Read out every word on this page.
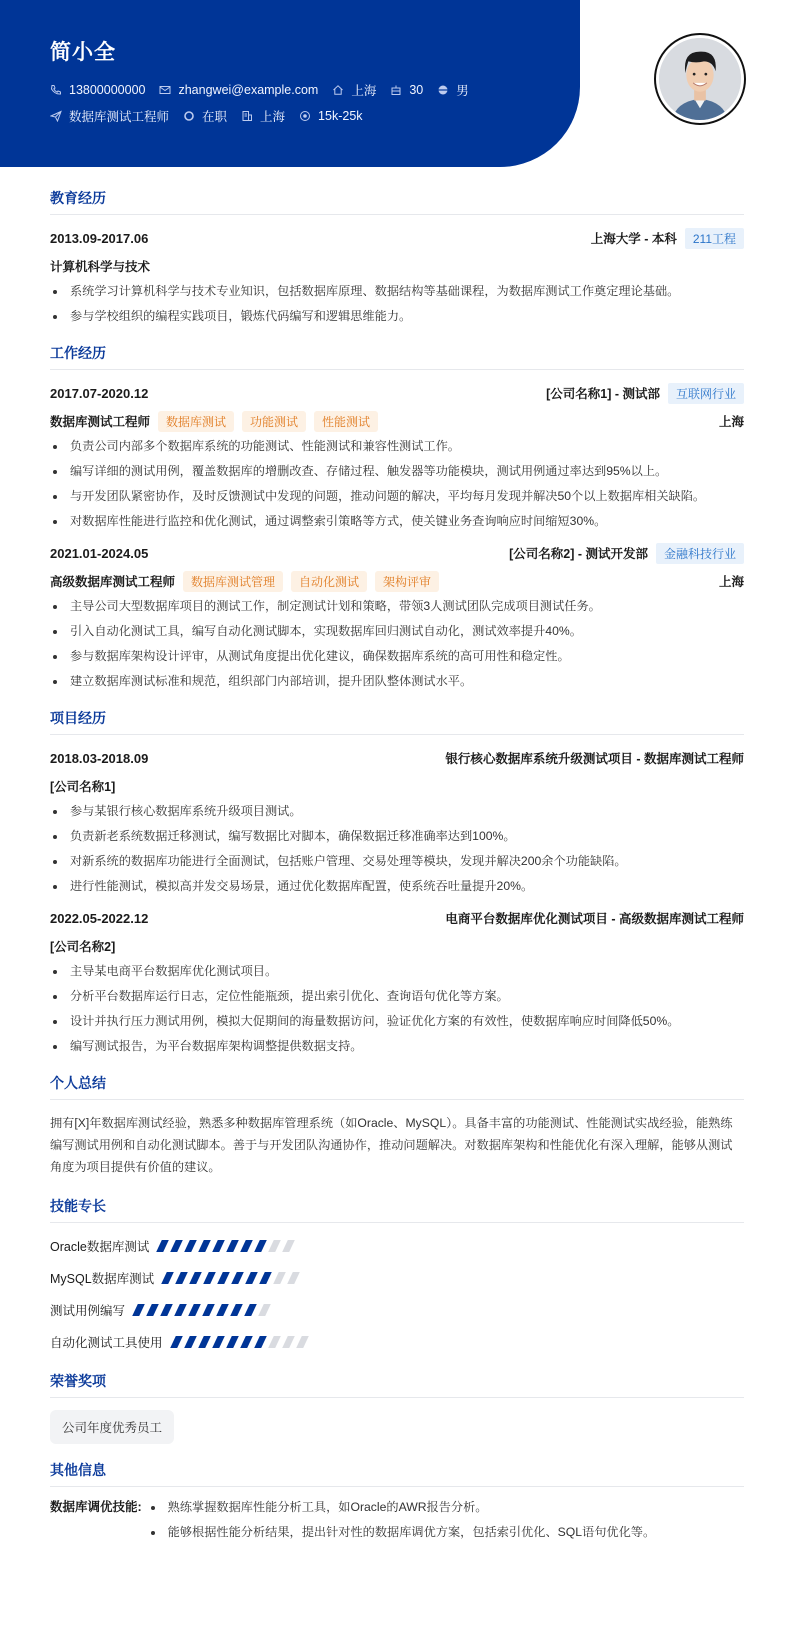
简小全
13800000000	zhangwei@example.com	上海	30	男
数据库测试工程师	在职	上海	15k-25k
教育经历
2013.09-2017.06	上海大学 - 本科	211工程
计算机科学与技术
系统学习计算机科学与技术专业知识，包括数据库原理、数据结构等基础课程，为数据库测试工作奠定理论基础。
参与学校组织的编程实践项目，锻炼代码编写和逻辑思维能力。
工作经历
2017.07-2020.12	[公司名称1] - 测试部	互联网行业
数据库测试工程师	数据库测试	功能测试	性能测试	上海
负责公司内部多个数据库系统的功能测试、性能测试和兼容性测试工作。
编写详细的测试用例，覆盖数据库的增删改查、存储过程、触发器等功能模块，测试用例通过率达到95%以上。
与开发团队紧密协作，及时反馈测试中发现的问题，推动问题的解决，平均每月发现并解决50个以上数据库相关缺陷。
对数据库性能进行监控和优化测试，通过调整索引策略等方式，使关键业务查询响应时间缩短30%。
2021.01-2024.05	[公司名称2] - 测试开发部	金融科技行业
高级数据库测试工程师	数据库测试管理	自动化测试	架构评审	上海
主导公司大型数据库项目的测试工作，制定测试计划和策略，带领3人测试团队完成项目测试任务。
引入自动化测试工具，编写自动化测试脚本，实现数据库回归测试自动化，测试效率提升40%。
参与数据库架构设计评审，从测试角度提出优化建议，确保数据库系统的高可用性和稳定性。
建立数据库测试标准和规范，组织部门内部培训，提升团队整体测试水平。
项目经历
2018.03-2018.09	银行核心数据库系统升级测试项目 - 数据库测试工程师
[公司名称1]
参与某银行核心数据库系统升级项目测试。
负责新老系统数据迁移测试，编写数据比对脚本，确保数据迁移准确率达到100%。
对新系统的数据库功能进行全面测试，包括账户管理、交易处理等模块，发现并解决200余个功能缺陷。
进行性能测试，模拟高并发交易场景，通过优化数据库配置，使系统吞吐量提升20%。
2022.05-2022.12	电商平台数据库优化测试项目 - 高级数据库测试工程师
[公司名称2]
主导某电商平台数据库优化测试项目。
分析平台数据库运行日志，定位性能瓶颈，提出索引优化、查询语句优化等方案。
设计并执行压力测试用例，模拟大促期间的海量数据访问，验证优化方案的有效性，使数据库响应时间降低50%。
编写测试报告，为平台数据库架构调整提供数据支持。
个人总结

拥有[X]年数据库测试经验，熟悉多种数据库管理系统（如Oracle、MySQL）。具备丰富的功能测试、性能测试实战经验，能熟练编写测试用例和自动化测试脚本。善于与开发团队沟通协作，推动问题解决。对数据库架构和性能优化有深入理解，能够从测试角度为项目提供有价值的建议。

技能专长
Oracle数据库测试
MySQL数据库测试
测试用例编写
自动化测试工具使用
荣誉奖项
公司年度优秀员工
其他信息
数据库调优技能:	熟练掌握数据库性能分析工具，如Oracle的AWR报告分析。
能够根据性能分析结果，提出针对性的数据库调优方案，包括索引优化、SQL语句优化等。
